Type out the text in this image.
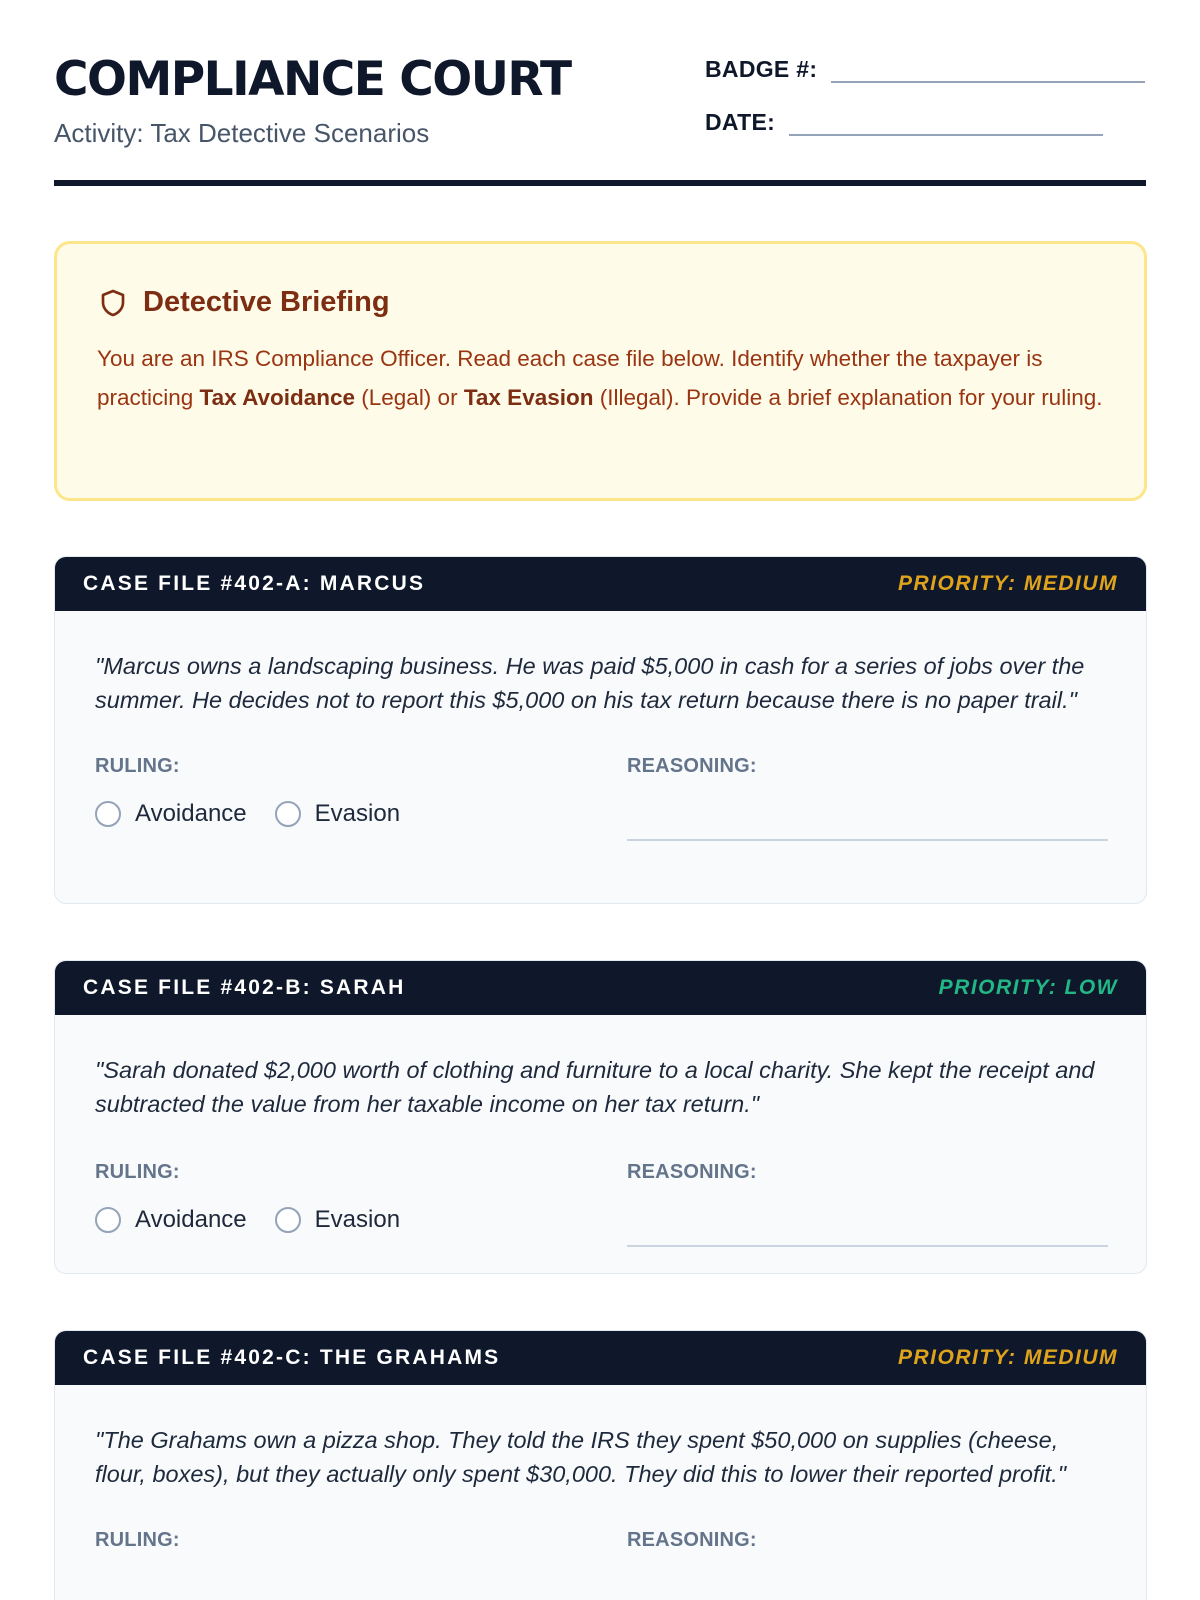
COMPLIANCE COURT
Activity: Tax Detective Scenarios
BADGE #:
DATE:
Detective Briefing

You are an IRS Compliance Officer. Read each case file below. Identify whether the taxpayer is practicing Tax Avoidance (Legal) or Tax Evasion (Illegal). Provide a brief explanation for your ruling.

CASE FILE #402-A: MARCUS	PRIORITY: MEDIUM

"Marcus owns a landscaping business. He was paid $5,000 in cash for a series of jobs over the summer. He decides not to report this $5,000 on his tax return because there is no paper trail."

RULING:	REASONING:
Avoidance	Evasion
CASE FILE #402-B: SARAH	PRIORITY: LOW

"Sarah donated $2,000 worth of clothing and furniture to a local charity. She kept the receipt and subtracted the value from her taxable income on her tax return."

RULING:	REASONING:
Avoidance	Evasion
CASE FILE #402-C: THE GRAHAMS	PRIORITY: MEDIUM

"The Grahams own a pizza shop. They told the IRS they spent $50,000 on supplies (cheese, flour, boxes), but they actually only spent $30,000. They did this to lower their reported profit."

RULING:	REASONING:
